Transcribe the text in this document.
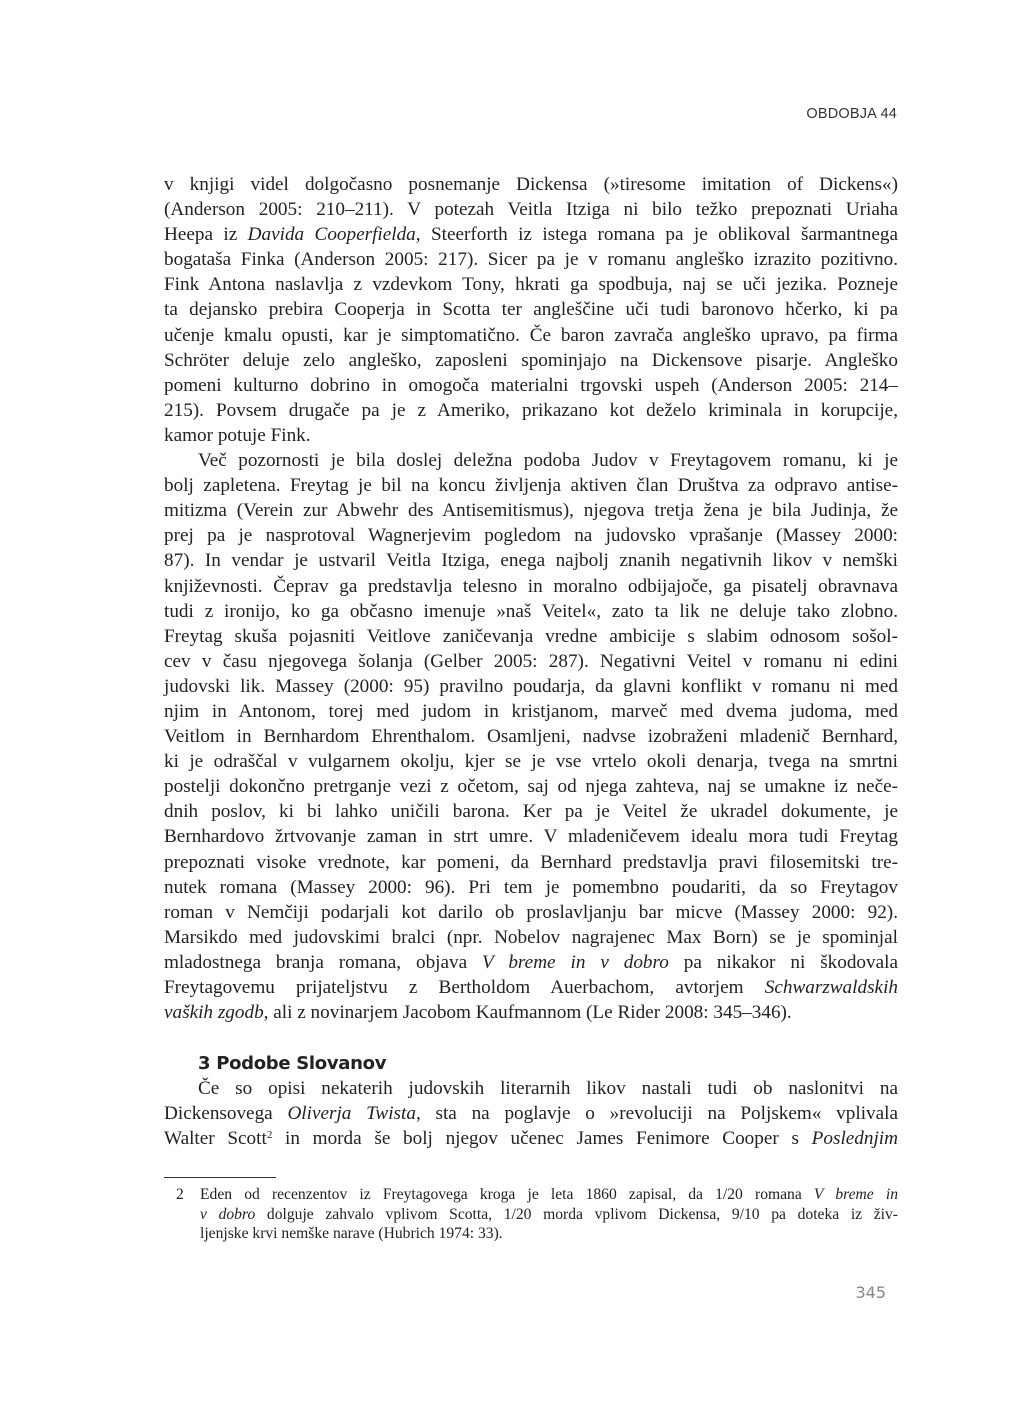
OBDOBJA 44

v knjigi videl dolgočasno posnemanje Dickensa (»tiresome imitation of Dickens«)
(Anderson 2005: 210–211). V potezah Veitla Itziga ni bilo težko prepoznati Uriaha
Heepa iz Davida Cooperfielda, Steerforth iz istega romana pa je oblikoval šarmantnega
bogataša Finka (Anderson 2005: 217). Sicer pa je v romanu angleško izrazito pozitivno.
Fink Antona naslavlja z vzdevkom Tony, hkrati ga spodbuja, naj se uči jezika. Pozneje
ta dejansko prebira Cooperja in Scotta ter angleščine uči tudi baronovo hčerko, ki pa
učenje kmalu opusti, kar je simptomatično. Če baron zavrača angleško upravo, pa firma
Schröter deluje zelo angleško, zaposleni spominjajo na Dickensove pisarje. Angleško
pomeni kulturno dobrino in omogoča materialni trgovski uspeh (Anderson 2005: 214–
215). Povsem drugače pa je z Ameriko, prikazano kot deželo kriminala in korupcije,
kamor potuje Fink.

Več pozornosti je bila doslej deležna podoba Judov v Freytagovem romanu, ki je
bolj zapletena. Freytag je bil na koncu življenja aktiven član Društva za odpravo antise-
mitizma (Verein zur Abwehr des Antisemitismus), njegova tretja žena je bila Judinja, že
prej pa je nasprotoval Wagnerjevim pogledom na judovsko vprašanje (Massey 2000:
87). In vendar je ustvaril Veitla Itziga, enega najbolj znanih negativnih likov v nemški
književnosti. Čeprav ga predstavlja telesno in moralno odbijajoče, ga pisatelj obravnava
tudi z ironijo, ko ga občasno imenuje »naš Veitel«, zato ta lik ne deluje tako zlobno.
Freytag skuša pojasniti Veitlove zaničevanja vredne ambicije s slabim odnosom sošol-
cev v času njegovega šolanja (Gelber 2005: 287). Negativni Veitel v romanu ni edini
judovski lik. Massey (2000: 95) pravilno poudarja, da glavni konflikt v romanu ni med
njim in Antonom, torej med judom in kristjanom, marveč med dvema judoma, med
Veitlom in Bernhardom Ehrenthalom. Osamljeni, nadvse izobraženi mladenič Bernhard,
ki je odraščal v vulgarnem okolju, kjer se je vse vrtelo okoli denarja, tvega na smrtni
postelji dokončno pretrganje vezi z očetom, saj od njega zahteva, naj se umakne iz neče-
dnih poslov, ki bi lahko uničili barona. Ker pa je Veitel že ukradel dokumente, je
Bernhardovo žrtvovanje zaman in strt umre. V mladeničevem idealu mora tudi Freytag
prepoznati visoke vrednote, kar pomeni, da Bernhard predstavlja pravi filosemitski tre-
nutek romana (Massey 2000: 96). Pri tem je pomembno poudariti, da so Freytagov
roman v Nemčiji podarjali kot darilo ob proslavljanju bar micve (Massey 2000: 92).
Marsikdo med judovskimi bralci (npr. Nobelov nagrajenec Max Born) se je spominjal
mladostnega branja romana, objava V breme in v dobro pa nikakor ni škodovala
Freytagovemu prijateljstvu z Bertholdom Auerbachom, avtorjem Schwarzwaldskih
vaških zgodb, ali z novinarjem Jacobom Kaufmannom (Le Rider 2008: 345–346).

3 Podobe Slovanov

Če so opisi nekaterih judovskih literarnih likov nastali tudi ob naslonitvi na
Dickensovega Oliverja Twista, sta na poglavje o »revoluciji na Poljskem« vplivala
Walter Scott$^2$ in morda še bolj njegov učenec James Fenimore Cooper s Poslednjim

2 Eden od recenzentov iz Freytagovega kroga je leta 1860 zapisal, da 1/20 romana V breme in
v dobro dolguje zahvalo vplivom Scotta, 1/20 morda vplivom Dickensa, 9/10 pa doteka iz živ-
ljenjske krvi nemške narave (Hubrich 1974: 33).
345
